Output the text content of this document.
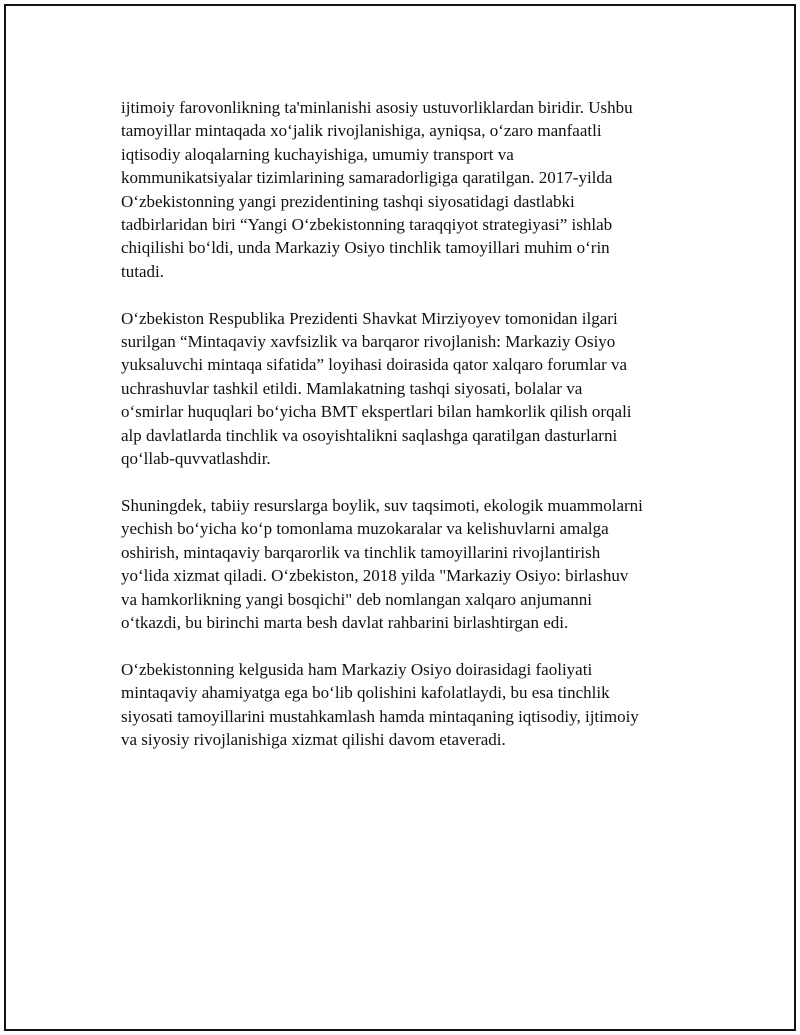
ijtimoiy farovonlikning ta'minlanishi asosiy ustuvorliklardan biridir. Ushbu
tamoyillar mintaqada xo‘jalik rivojlanishiga, ayniqsa, o‘zaro manfaatli
iqtisodiy aloqalarning kuchayishiga, umumiy transport va
kommunikatsiyalar tizimlarining samaradorligiga qaratilgan. 2017-yilda
O‘zbekistonning yangi prezidentining tashqi siyosatidagi dastlabki
tadbirlaridan biri “Yangi O‘zbekistonning taraqqiyot strategiyasi” ishlab
chiqilishi bo‘ldi, unda Markaziy Osiyo tinchlik tamoyillari muhim o‘rin
tutadi.

O‘zbekiston Respublika Prezidenti Shavkat Mirziyoyev tomonidan ilgari
surilgan “Mintaqaviy xavfsizlik va barqaror rivojlanish: Markaziy Osiyo
yuksaluvchi mintaqa sifatida” loyihasi doirasida qator xalqaro forumlar va
uchrashuvlar tashkil etildi. Mamlakatning tashqi siyosati, bolalar va
o‘smirlar huquqlari bo‘yicha BMT ekspertlari bilan hamkorlik qilish orqali
alp davlatlarda tinchlik va osoyishtalikni saqlashga qaratilgan dasturlarni
qo‘llab-quvvatlashdir.

Shuningdek, tabiiy resurslarga boylik, suv taqsimoti, ekologik muammolarni
yechish bo‘yicha ko‘p tomonlama muzokaralar va kelishuvlarni amalga
oshirish, mintaqaviy barqarorlik va tinchlik tamoyillarini rivojlantirish
yo‘lida xizmat qiladi. O‘zbekiston, 2018 yilda "Markaziy Osiyo: birlashuv
va hamkorlikning yangi bosqichi" deb nomlangan xalqaro anjumanni
o‘tkazdi, bu birinchi marta besh davlat rahbarini birlashtirgan edi.

O‘zbekistonning kelgusida ham Markaziy Osiyo doirasidagi faoliyati
mintaqaviy ahamiyatga ega bo‘lib qolishini kafolatlaydi, bu esa tinchlik
siyosati tamoyillarini mustahkamlash hamda mintaqaning iqtisodiy, ijtimoiy
va siyosiy rivojlanishiga xizmat qilishi davom etaveradi.
